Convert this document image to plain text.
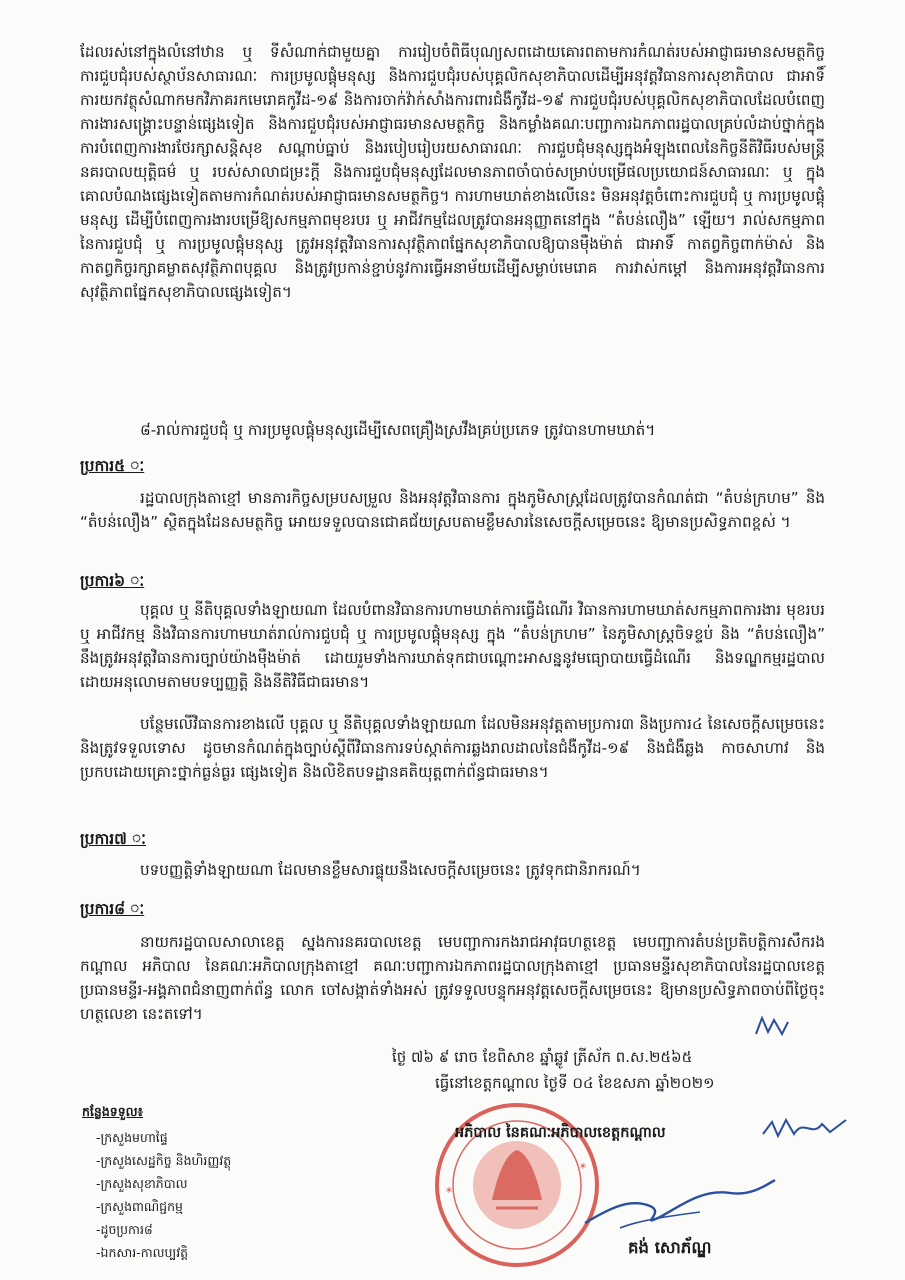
ដែលរស់នៅក្នុងលំនៅឋាន ឬ ទីសំណាក់ជាមួយគ្នា ការរៀបចំពិធីបុណ្យសពដោយគោរពតាមការកំណត់របស់អាជ្ញាធរមានសមត្ថកិច្ច ការជួបជុំរបស់ស្ថាប័នសាធារណៈ ការប្រមូលផ្តុំមនុស្ស និងការជួបជុំរបស់បុគ្គលិកសុខាភិបាលដើម្បីអនុវត្តវិធានការសុខាភិបាល ជាអាទិ៍ ការយកវត្ថុសំណាកមកវិភាគរកមេរោគកូវីដ-១៩ និងការចាក់វ៉ាក់សាំងការពារជំងឺកូវីដ-១៩ ការជួបជុំរបស់បុគ្គលិកសុខាភិបាលដែលបំពេញការងារសង្គ្រោះបន្ទាន់ផ្សេងទៀត និងការជួបជុំរបស់អាជ្ញាធរមានសមត្ថកិច្ច និងកម្លាំងគណៈបញ្ជាការឯកភាពរដ្ឋបាលគ្រប់លំដាប់ថ្នាក់ក្នុងការបំពេញការងារថែរក្សាសន្តិសុខ សណ្តាប់ធ្នាប់ និងរបៀបរៀបរយសាធារណៈ ការជួបជុំមនុស្សក្នុងអំឡុងពេលនៃកិច្ចនីតិវិធីរបស់មន្ត្រីនគរបាលយុត្តិធម៌ ឬ របស់សាលាជម្រះក្តី និងការជួបជុំមនុស្សដែលមានភាពចាំបាច់សម្រាប់បម្រើផលប្រយោជន៍សាធារណៈ ឬ ក្នុងគោលបំណងផ្សេងទៀតតាមការកំណត់របស់អាជ្ញាធរមានសមត្ថកិច្ច។ ការហាមឃាត់ខាងលើនេះ មិនអនុវត្តចំពោះការជួបជុំ ឬ ការប្រមូលផ្តុំមនុស្ស ដើម្បីបំពេញការងារបម្រើឱ្យសកម្មភាពមុខរបរ ឬ អាជីវកម្មដែលត្រូវបានអនុញ្ញាតនៅក្នុង “តំបន់លឿង” ឡើយ។ រាល់សកម្មភាពនៃការជួបជុំ ឬ ការប្រមូលផ្តុំមនុស្ស ត្រូវអនុវត្តវិធានការសុវត្ថិភាពផ្នែកសុខាភិបាលឱ្យបានម៉ឺងម៉ាត់ ជាអាទិ៍ កាតព្វកិច្ចពាក់ម៉ាស់ និងកាតព្វកិច្ចរក្សាគម្លាតសុវត្ថិភាពបុគ្គល និងត្រូវប្រកាន់ខ្ជាប់នូវការធ្វើអនាម័យដើម្បីសម្លាប់មេរោគ ការវាស់កម្តៅ និងការអនុវត្តវិធានការសុវត្ថិភាពផ្នែកសុខាភិបាលផ្សេងទៀត។
៨-រាល់ការជួបជុំ ឬ ការប្រមូលផ្តុំមនុស្សដើម្បីសេពគ្រឿងស្រវឹងគ្រប់ប្រភេទ ត្រូវបានហាមឃាត់។
ប្រការ៥ ៈ
រដ្ឋបាលក្រុងតាខ្មៅ មានភារកិច្ចសម្របសម្រួល និងអនុវត្តវិធានការ ក្នុងភូមិសាស្ត្រដែលត្រូវបានកំណត់ជា “តំបន់ក្រហម” និង “តំបន់លឿង” ស្ថិតក្នុងដែនសមត្ថកិច្ច អោយទទួលបានជោគជ័យស្របតាមខ្លឹមសារនៃសេចក្តីសម្រេចនេះ ឱ្យមានប្រសិទ្ធភាពខ្ពស់ ។
ប្រការ៦ ៈ
បុគ្គល ឬ នីតិបុគ្គលទាំងឡាយណា ដែលបំពានវិធានការហាមឃាត់ការធ្វើដំណើរ វិធានការហាមឃាត់សកម្មភាពការងារ មុខរបរ ឬ អាជីវកម្ម និងវិធានការហាមឃាត់រាល់ការជួបជុំ ឬ ការប្រមូលផ្តុំមនុស្ស ក្នុង “តំបន់ក្រហម” នៃភូមិសាស្ត្រចិទខ្ទប់ និង “តំបន់លឿង” នឹងត្រូវអនុវត្តវិធានការច្បាប់យ៉ាងម៉ឺងម៉ាត់ ដោយរួមទាំងការឃាត់ទុកជាបណ្តោះអាសន្ននូវមធ្យោបាយធ្វើដំណើរ និងទណ្ឌកម្មរដ្ឋបាល ដោយអនុលោមតាមបទប្បញ្ញត្តិ និងនីតិវិធីជាធរមាន។
បន្ថែមលើវិធានការខាងលើ បុគ្គល ឬ នីតិបុគ្គលទាំងឡាយណា ដែលមិនអនុវត្តតាមប្រការ៣ និងប្រការ៤ នៃសេចក្តីសម្រេចនេះ និងត្រូវទទួលទោស ដូចមានកំណត់ក្នុងច្បាប់ស្តីពីវិធានការទប់ស្កាត់ការឆ្លងរាលដាលនៃជំងឺកូវីដ-១៩ និងជំងឺឆ្លង កាចសាហាវ និងប្រកបដោយគ្រោះថ្នាក់ធ្ងន់ធ្ងរ ផ្សេងទៀត និងលិខិតបទដ្ឋានគតិយុត្តពាក់ព័ន្ធជាធរមាន។
ប្រការ៧ ៈ
បទបញ្ញត្តិទាំងឡាយណា ដែលមានខ្លឹមសារផ្ទុយនឹងសេចក្តីសម្រេចនេះ ត្រូវទុកជានិរាករណ៍។
ប្រការ៨ ៈ
នាយករដ្ឋបាលសាលាខេត្ត ស្នងការនគរបាលខេត្ត មេបញ្ជាការកងរាជអាវុធហត្ថខេត្ត មេបញ្ជាការតំបន់ប្រតិបត្តិការសឹករងកណ្តាល អភិបាល នៃគណៈអភិបាលក្រុងតាខ្មៅ គណៈបញ្ជាការឯកភាពរដ្ឋបាលក្រុងតាខ្មៅ ប្រធានមន្ទីរសុខាភិបាលនៃរដ្ឋបាលខេត្ត ប្រធានមន្ទីរ-អង្គភាពជំនាញពាក់ព័ន្ធ លោក ចៅសង្កាត់ទាំងអស់ ត្រូវទទួលបន្ទុកអនុវត្តសេចក្តីសម្រេចនេះ ឱ្យមានប្រសិទ្ធភាពចាប់ពីថ្ងៃចុះហត្ថលេខា នេះតទៅ។
ថ្ងៃ ៧៦ ៩ រោច ខែពិសាខ ឆ្នាំឆ្លូវ ត្រីស័ក ព.ស.២៥៦៥
ធ្វើនៅខេត្តកណ្តាល ថ្ងៃទី ០៤ ខែឧសភា ឆ្នាំ២០២១
កន្លែងទទួល៖
-ក្រសួងមហាផ្ទៃ
-ក្រសួងសេដ្ឋកិច្ច និងហិរញ្ញវត្ថុ
-ក្រសួងសុខាភិបាល
-ក្រសួងពាណិជ្ជកម្ម
-ដូចប្រការ៨
-ឯកសារ-កាលប្បវត្តិ
*
*
អភិបាល នៃគណៈអភិបាលខេត្តកណ្តាល
គង់ សោភ័ណ្ឌ
